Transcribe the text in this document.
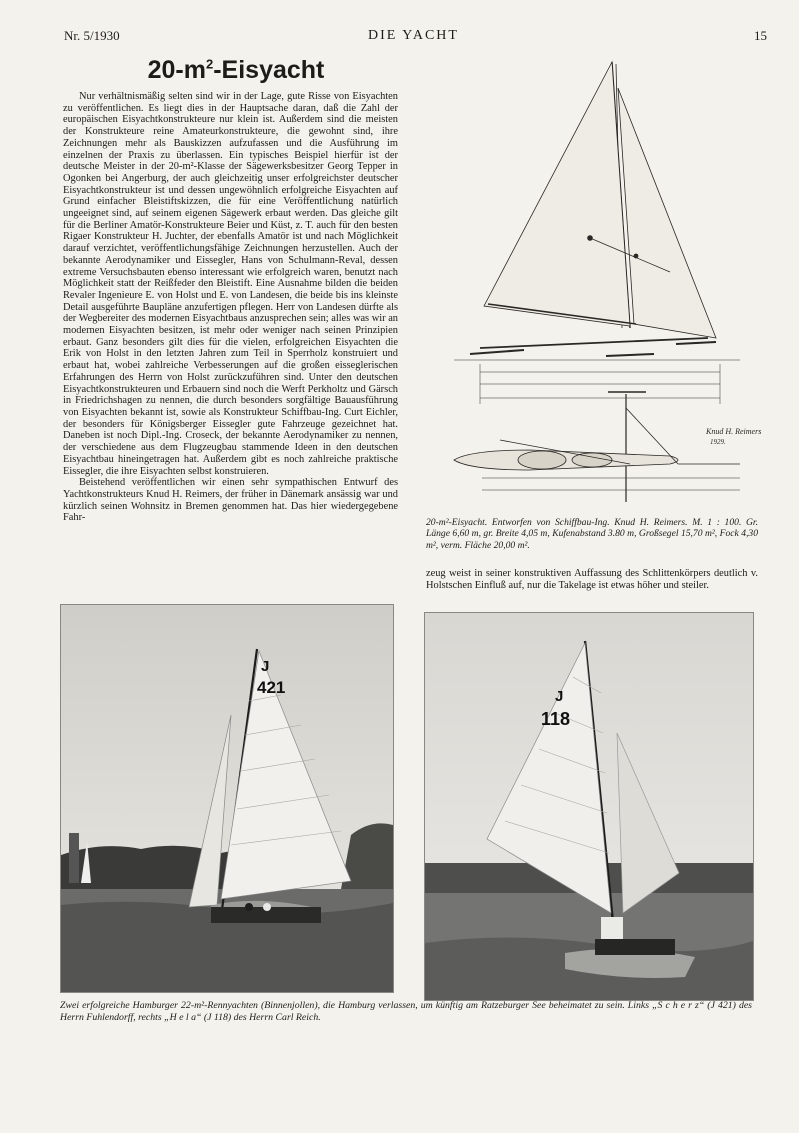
Nr. 5/1930	DIE YACHT	15
$20-m^2$-Eisyacht

Nur verhältnismäßig selten sind wir in der Lage, gute Risse von Eisyachten zu veröffentlichen. Es liegt dies in der Hauptsache daran, daß die Zahl der europäischen Eisyachtkonstrukteure nur klein ist. Außerdem sind die meisten der Konstrukteure reine Amateurkonstrukteure, die gewohnt sind, ihre Zeichnungen mehr als Bauskizzen aufzufassen und die Ausführung im einzelnen der Praxis zu überlassen. Ein typisches Beispiel hierfür ist der deutsche Meister in der 20-m²-Klasse der Sägewerksbesitzer Georg Tepper in Ogonken bei Angerburg, der auch gleichzeitig unser erfolgreichster deutscher Eisyachtkonstrukteur ist und dessen ungewöhnlich erfolgreiche Eisyachten auf Grund einfacher Bleistiftskizzen, die für eine Veröffentlichung natürlich ungeeignet sind, auf seinem eigenen Sägewerk erbaut werden. Das gleiche gilt für die Berliner Amatör-Konstrukteure Beier und Küst, z. T. auch für den besten Rigaer Konstrukteur H. Juchter, der ebenfalls Amatör ist und nach Möglichkeit darauf verzichtet, veröffentlichungsfähige Zeichnungen herzustellen. Auch der bekannte Aerodynamiker und Eissegler, Hans von Schulmann-Reval, dessen extreme Versuchsbauten ebenso interessant wie erfolgreich waren, benutzt nach Möglichkeit statt der Reißfeder den Bleistift. Eine Ausnahme bilden die beiden Revaler Ingenieure E. von Holst und E. von Landesen, die beide bis ins kleinste Detail ausgeführte Baupläne anzufertigen pflegen. Herr von Landesen dürfte als der Wegbereiter des modernen Eisyachtbaus anzusprechen sein; alles was wir an modernen Eisyachten besitzen, ist mehr oder weniger nach seinen Prinzipien erbaut. Ganz besonders gilt dies für die vielen, erfolgreichen Eisyachten die Erik von Holst in den letzten Jahren zum Teil in Sperrholz konstruiert und erbaut hat, wobei zahlreiche Verbesserungen auf die großen eisseglerischen Erfahrungen des Herrn von Holst zurückzuführen sind. Unter den deutschen Eisyachtkonstrukteuren und Erbauern sind noch die Werft Perkholtz und Gärsch in Friedrichshagen zu nennen, die durch besonders sorgfältige Bauausführung von Eisyachten bekannt ist, sowie als Konstrukteur Schiffbau-Ing. Curt Eichler, der besonders für Königsberger Eissegler gute Fahrzeuge gezeichnet hat. Daneben ist noch Dipl.-Ing. Croseck, der bekannte Aerodynamiker zu nennen, der verschiedene aus dem Flugzeugbau stammende Ideen in den deutschen Eisyachtbau hineingetragen hat. Außerdem gibt es noch zahlreiche praktische Eissegler, die ihre Eisyachten selbst konstruieren.

Beistehend veröffentlichen wir einen sehr sympathischen Entwurf des Yachtkonstrukteurs Knud H. Reimers, der früher in Dänemark ansässig war und kürzlich seinen Wohnsitz in Bremen genommen hat. Das hier wiedergegebene Fahr-

Knud H. Reimers
1929.
20-m²-Eisyacht. Entworfen von Schiffbau-Ing. Knud H. Reimers. M. 1 : 100. Gr. Länge 6,60 m, gr. Breite 4,05 m, Kufenabstand 3.80 m, Großsegel 15,70 m², Fock 4,30 m², verm. Fläche 20,00 m².
zeug weist in seiner konstruktiven Auffassung des Schlittenkörpers deutlich v. Holstschen Einfluß auf, nur die Takelage ist etwas höher und steiler.
421
J
118
J
Zwei erfolgreiche Hamburger 22-m²-Rennyachten (Binnenjollen), die Hamburg verlassen, um künftig am Ratzeburger See beheimatet zu sein. Links „S c h e r z“ (J 421) des Herrn Fuhlendorff, rechts „H e l a“ (J 118) des Herrn Carl Reich.
